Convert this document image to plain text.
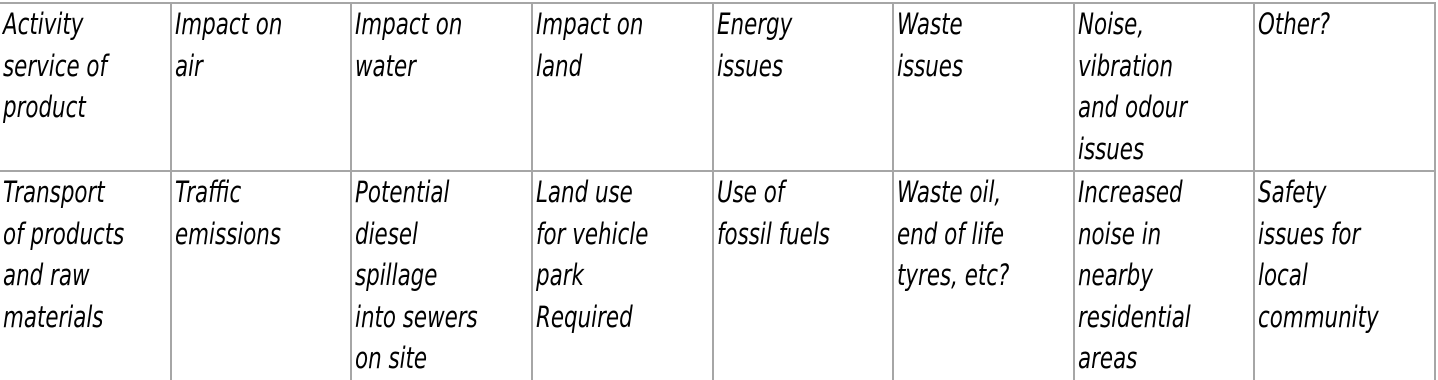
Activity
service of
product	Impact on
air	Impact on
water	Impact on
land	Energy
issues	Waste
issues	Noise,
vibration
and odour
issues	Other?

Transport
of products
and raw
materials	Traffic
emissions	Potential
diesel
spillage
into sewers
on site	Land use
for vehicle
park
Required	Use of
fossil fuels	Waste oil,
end of life
tyres, etc?	Increased
noise in
nearby
residential
areas	Safety
issues for
local
community
